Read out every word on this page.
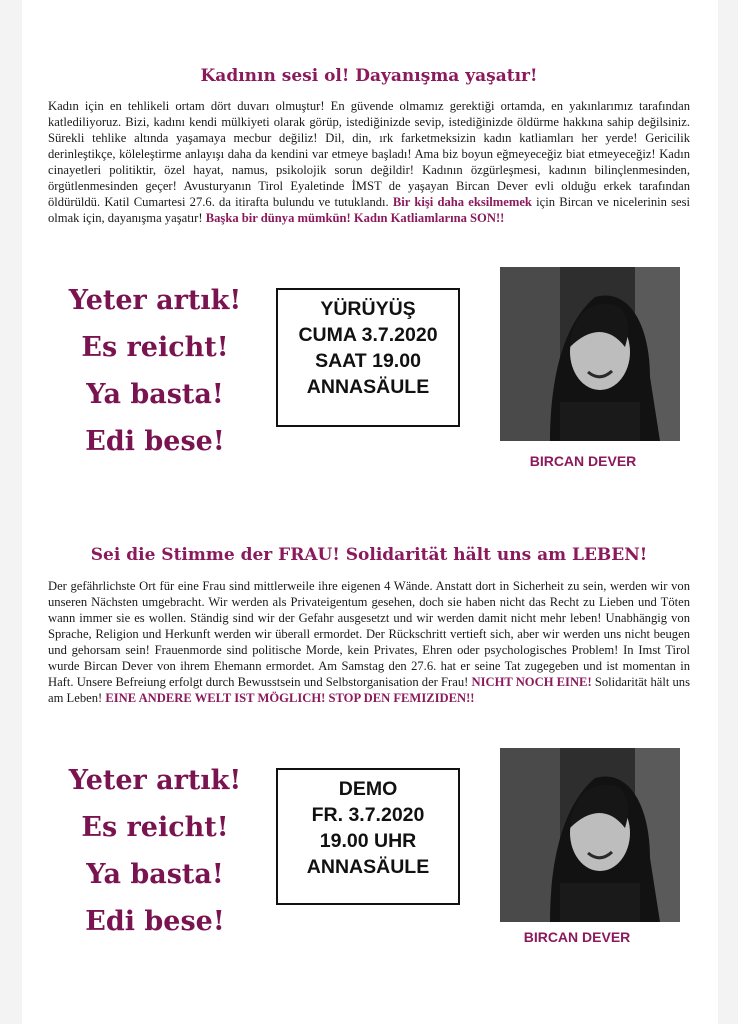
Kadının sesi ol! Dayanışma yaşatır!

Kadın için en tehlikeli ortam dört duvarı olmuştur! En güvende olmamız gerektiği ortamda, en yakınlarımız tarafından katlediliyoruz. Bizi, kadını kendi mülkiyeti olarak görüp, istediğinizde sevip, istediğinizde öldürme hakkına sahip değilsiniz. Sürekli tehlike altında yaşamaya mecbur değiliz! Dil, din, ırk farketmeksizin kadın katliamları her yerde! Gericilik derinleştikçe, köleleştirme anlayışı daha da kendini var etmeye başladı! Ama biz boyun eğmeyeceğiz biat etmeyeceğiz! Kadın cinayetleri politiktir, özel hayat, namus, psikolojik sorun değildir! Kadının özgürleşmesi, kadının bilinçlenmesinden, örgütlenmesinden geçer! Avusturyanın Tirol Eyaletinde İMST de yaşayan Bircan Dever evli olduğu erkek tarafından öldürüldü. Katil Cumartesi 27.6. da itirafta bulundu ve tutuklandı. Bir kişi daha eksilmemek için Bircan ve nicelerinin sesi olmak için, dayanışma yaşatır! Başka bir dünya mümkün! Kadın Katliamlarına SON!!

Yeter artık!

Es reicht!

Ya basta!

Edi bese!

YÜRÜYÜŞ

CUMA 3.7.2020

SAAT 19.00

ANNASÄULE

BIRCAN DEVER

Sei die Stimme der FRAU! Solidarität hält uns am LEBEN!

Der gefährlichste Ort für eine Frau sind mittlerweile ihre eigenen 4 Wände. Anstatt dort in Sicherheit zu sein, werden wir von unseren Nächsten umgebracht. Wir werden als Privateigentum gesehen, doch sie haben nicht das Recht zu Lieben und Töten wann immer sie es wollen. Ständig sind wir der Gefahr ausgesetzt und wir werden damit nicht mehr leben! Unabhängig von Sprache, Religion und Herkunft werden wir überall ermordet. Der Rückschritt vertieft sich, aber wir werden uns nicht beugen und gehorsam sein! Frauenmorde sind politische Morde, kein Privates, Ehren oder psychologisches Problem! In Imst Tirol wurde Bircan Dever von ihrem Ehemann ermordet. Am Samstag den 27.6. hat er seine Tat zugegeben und ist momentan in Haft. Unsere Befreiung erfolgt durch Bewusstsein und Selbstorganisation der Frau! NICHT NOCH EINE! Solidarität hält uns am Leben! EINE ANDERE WELT IST MÖGLICH! STOP DEN FEMIZIDEN!!

Yeter artık!

Es reicht!

Ya basta!

Edi bese!

DEMO

FR. 3.7.2020

19.00 UHR

ANNASÄULE

BIRCAN DEVER
